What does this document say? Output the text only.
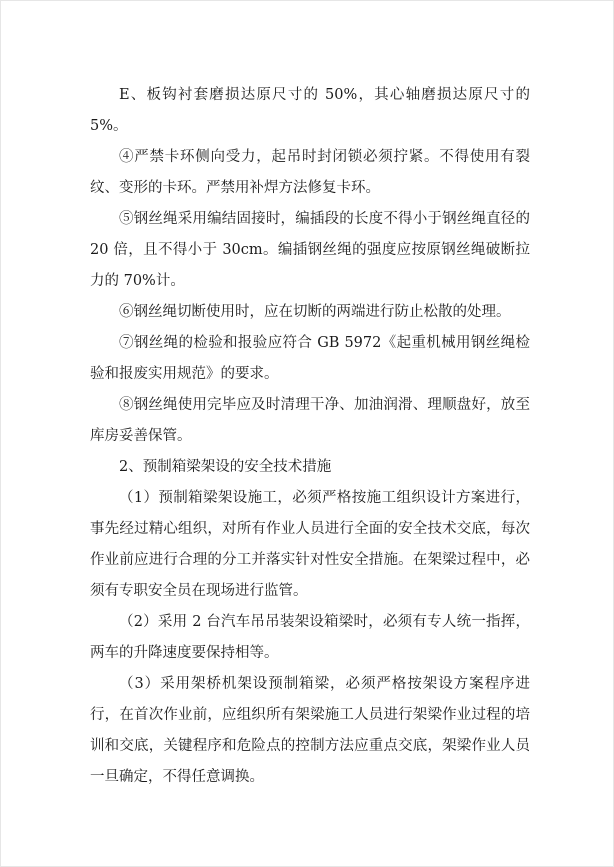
E、板钩衬套磨损达原尺寸的 50%，其心轴磨损达原尺寸的 5%。

④严禁卡环侧向受力，起吊时封闭锁必须拧紧。不得使用有裂纹、变形的卡环。严禁用补焊方法修复卡环。

⑤钢丝绳采用编结固接时，编插段的长度不得小于钢丝绳直径的 20 倍，且不得小于 30cm。编插钢丝绳的强度应按原钢丝绳破断拉力的 70%计。

⑥钢丝绳切断使用时，应在切断的两端进行防止松散的处理。

⑦钢丝绳的检验和报验应符合 GB 5972《起重机械用钢丝绳检验和报废实用规范》的要求。

⑧钢丝绳使用完毕应及时清理干净、加油润滑、理顺盘好，放至库房妥善保管。

2、预制箱梁架设的安全技术措施

（1）预制箱梁架设施工，必须严格按施工组织设计方案进行，事先经过精心组织，对所有作业人员进行全面的安全技术交底，每次作业前应进行合理的分工并落实针对性安全措施。在架梁过程中，必须有专职安全员在现场进行监管。

（2）采用 2 台汽车吊吊装架设箱梁时，必须有专人统一指挥，两车的升降速度要保持相等。

（3）采用架桥机架设预制箱梁，必须严格按架设方案程序进行，在首次作业前，应组织所有架梁施工人员进行架梁作业过程的培训和交底，关键程序和危险点的控制方法应重点交底，架梁作业人员一旦确定，不得任意调换。
